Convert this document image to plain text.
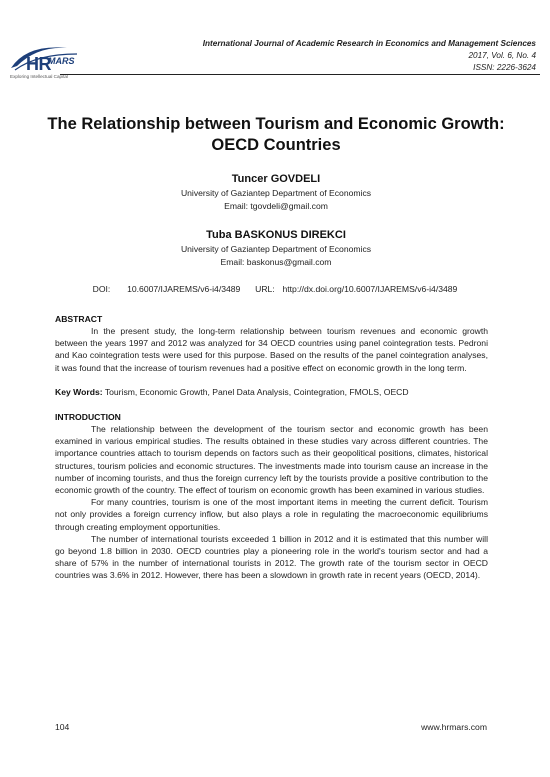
HR
MARS
Exploring Intellectual Capital
International Journal of Academic Research in Economics and Management Sciences
2017, Vol. 6, No. 4
ISSN: 2226-3624
The Relationship between Tourism and Economic Growth: OECD Countries
Tuncer GOVDELI
University of Gaziantep Department of Economics
Email: tgovdeli@gmail.com
Tuba BASKONUS DIREKCI
University of Gaziantep Department of Economics
Email: baskonus@gmail.com
DOI: 10.6007/IJAREMS/v6-i4/3489 URL: http://dx.doi.org/10.6007/IJAREMS/v6-i4/3489
ABSTRACT

In the present study, the long-term relationship between tourism revenues and economic growth between the years 1997 and 2012 was analyzed for 34 OECD countries using panel cointegration tests. Pedroni and Kao cointegration tests were used for this purpose. Based on the results of the panel cointegration analyses, it was found that the increase of tourism revenues had a positive effect on economic growth in the long term.

Key Words: Tourism, Economic Growth, Panel Data Analysis, Cointegration, FMOLS, OECD
INTRODUCTION

The relationship between the development of the tourism sector and economic growth has been examined in various empirical studies. The results obtained in these studies vary across different countries. The importance countries attach to tourism depends on factors such as their geopolitical positions, climates, historical structures, tourism policies and economic structures. The investments made into tourism cause an increase in the number of incoming tourists, and thus the foreign currency left by the tourists provide a positive contribution to the economic growth of the country. The effect of tourism on economic growth has been examined in various studies.

For many countries, tourism is one of the most important items in meeting the current deficit. Tourism not only provides a foreign currency inflow, but also plays a role in regulating the macroeconomic equilibriums through creating employment opportunities.

The number of international tourists exceeded 1 billion in 2012 and it is estimated that this number will go beyond 1.8 billion in 2030. OECD countries play a pioneering role in the world's tourism sector and had a share of 57% in the number of international tourists in 2012. The growth rate of the tourism sector in OECD countries was 3.6% in 2012. However, there has been a slowdown in growth rate in recent years (OECD, 2014).

104	www.hrmars.com
